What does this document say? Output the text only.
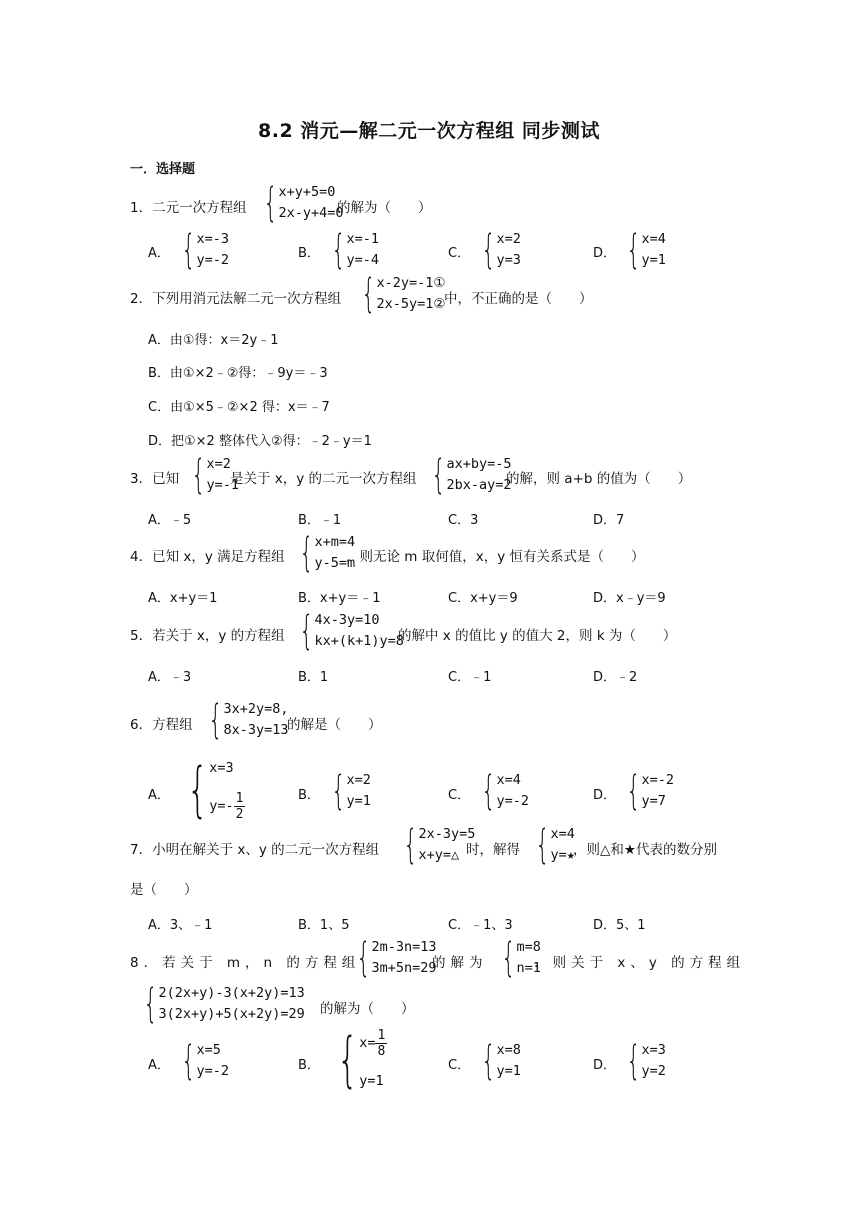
8.2 消元—解二元一次方程组 同步测试
一．选择题
1．二元一次方程组 { x+y+5=0
2x-y+4=0
的解为（　　）
A． { x=-3
y=-2	B． { x=-1
y=-4	C． { x=2
y=3	D． { x=4
y=1
2．下列用消元法解二元一次方程组 { x-2y=-1①
2x-5y=1②
中，不正确的是（　　）
A．由①得：x＝2y﹣1
B．由①×2﹣②得：﹣9y＝﹣3
C．由①×5﹣②×2 得：x＝﹣7
D．把①×2 整体代入②得：﹣2﹣y＝1
3．已知 { x=2
y=-1
是关于 x，y 的二元一次方程组 { ax+by=-5
2bx-ay=2
的解，则 a+b 的值为（　　）
A．﹣5	B．﹣1	C．3	D．7
4．已知 x，y 满足方程组 { x+m=4
y-5=m
，则无论 m 取何值，x，y 恒有关系式是（　　）
A．x+y＝1	B．x+y＝﹣1	C．x+y＝9	D．x﹣y＝9
5．若关于 x，y 的方程组 { 4x-3y=10
kx+(k+1)y=8
的解中 x 的值比 y 的值大 2，则 k 为（　　）
A．﹣3	B．1	C．﹣1	D．﹣2
6．方程组 { 3x+2y=8,
8x-3y=13
的解是（　　）
A． { x=3
$y=- \frac{1}{2}$	B． { x=2
y=1	C． { x=4
y=-2	D． { x=-2
y=7
7．小明在解关于 x、y 的二元一次方程组 { 2x-3y=5
x+y=△ 时，解得 { x=4
y=★
，则△和★代表的数分别
是（　　）
A．3、﹣1	B．1、5	C．﹣1、3	D．5、1
8．若关于 m，n 的方程组
{ 2m-3n=13
3m+5n=29
的解为 { m=8
n=1
. 则关于 x、y 的方程组
{ 2(2x+y)-3(x+2y)=13
3(2x+y)+5(x+2y)=29 的解为（　　）
A． { x=5
y=-2	B． { $x= \frac{1}{8}$
y=1
C． { x=8
y=1	D． { x=3
y=2
